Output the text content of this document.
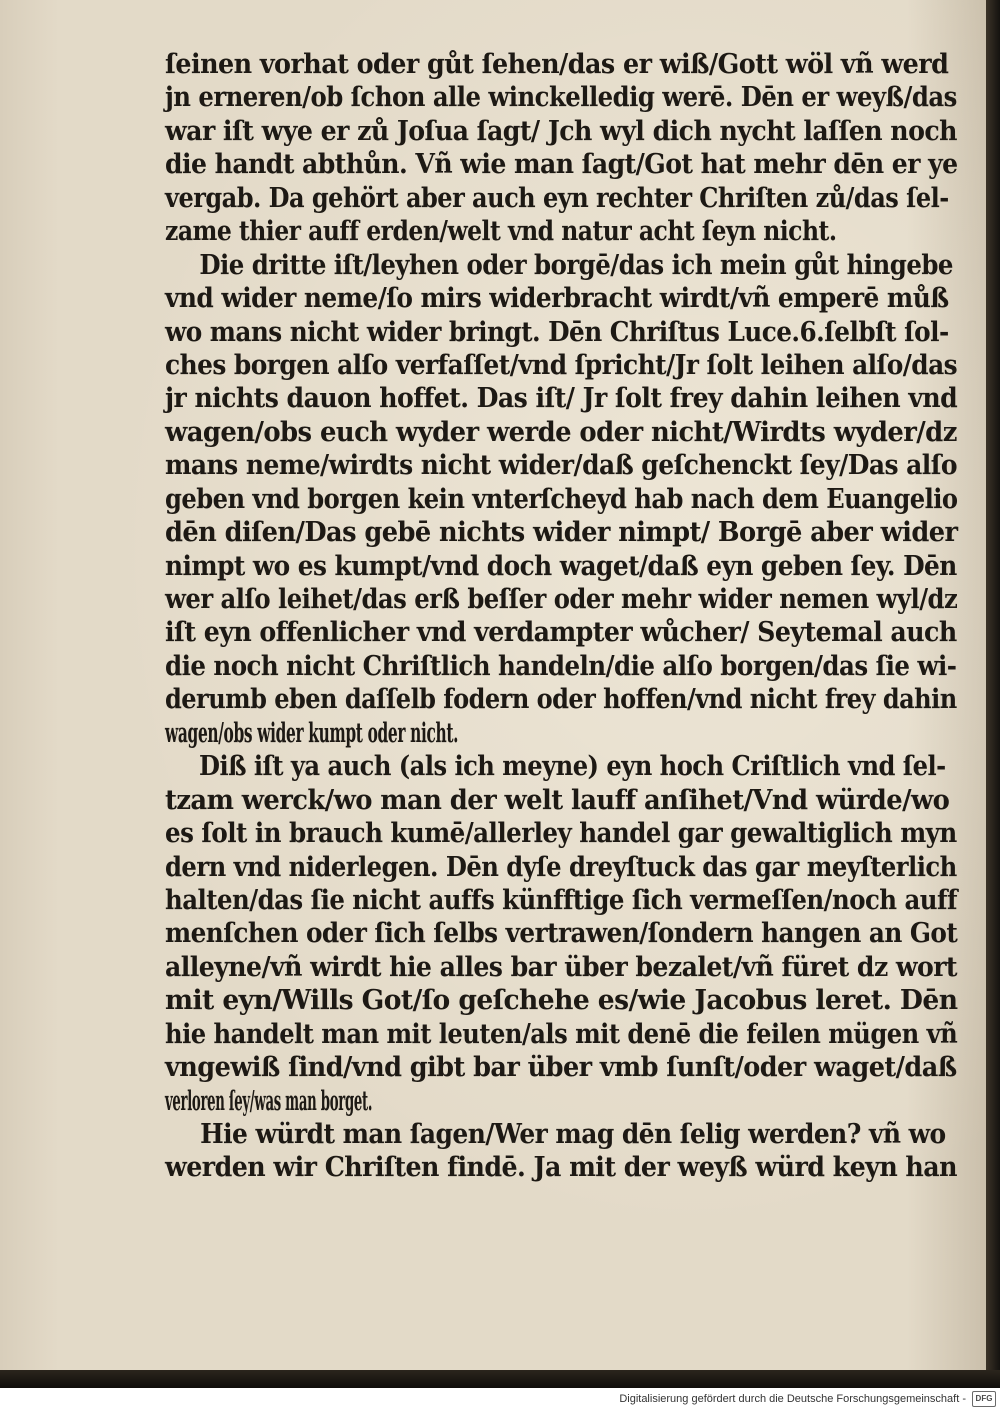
ſeinen vorhat oder gůt ſehen/das er wiß/Gott wöl vñ werd
jn erneren/ob ſchon alle winckelledig werē. Dēn er weyß/das
war iſt wye er zů Joſua ſagt/ Jch wyl dich nycht laſſen noch
die handt abthůn. Vñ wie man ſagt/Got hat mehr dēn er ye
vergab. Da gehört aber auch eyn rechter Chriſten zů/das ſel-
zame thier auff erden/welt vnd natur acht ſeyn nicht.
Die dritte iſt/leyhen oder borgē/das ich mein gůt hingebe
vnd wider neme/ſo mirs widerbracht wirdt/vñ emperē můß
wo mans nicht wider bringt. Dēn Chriſtus Luce.6.ſelbſt ſol-
ches borgen alſo verfaſſet/vnd ſpricht/Jr ſolt leihen alſo/das
jr nichts dauon hoffet. Das iſt/ Jr ſolt frey dahin leihen vnd
wagen/obs euch wyder werde oder nicht/Wirdts wyder/dz
mans neme/wirdts nicht wider/daß geſchenckt ſey/Das alſo
geben vnd borgen kein vnterſcheyd hab nach dem Euangelio
dēn diſen/Das gebē nichts wider nimpt/ Borgē aber wider
nimpt wo es kumpt/vnd doch waget/daß eyn geben ſey. Dēn
wer alſo leihet/das erß beſſer oder mehr wider nemen wyl/dz
iſt eyn offenlicher vnd verdampter wůcher/ Seytemal auch
die noch nicht Chriſtlich handeln/die alſo borgen/das ſie wi-
derumb eben daſſelb fodern oder hoffen/vnd nicht frey dahin
wagen/obs wider kumpt oder nicht.
Diß iſt ya auch (als ich meyne) eyn hoch Criſtlich vnd ſel-
tzam werck/wo man der welt lauff anſihet/Vnd würde/wo
es ſolt in brauch kumē/allerley handel gar gewaltiglich myn
dern vnd niderlegen. Dēn dyſe dreyſtuck das gar meyſterlich
halten/das ſie nicht auffs künfftige ſich vermeſſen/noch auff
menſchen oder ſich ſelbs vertrawen/ſondern hangen an Got
alleyne/vñ wirdt hie alles bar über bezalet/vñ füret dz wort
mit eyn/Wills Got/ſo geſchehe es/wie Jacobus leret. Dēn
hie handelt man mit leuten/als mit denē die feilen mügen vñ
vngewiß ſind/vnd gibt bar über vmb ſunſt/oder waget/daß
verloren ſey/was man borget.
Hie würdt man ſagen/Wer mag dēn ſelig werden? vñ wo
werden wir Chriſten findē. Ja mit der weyß würd keyn han
Digitalisierung gefördert durch die Deutsche Forschungsgemeinschaft - DFG
